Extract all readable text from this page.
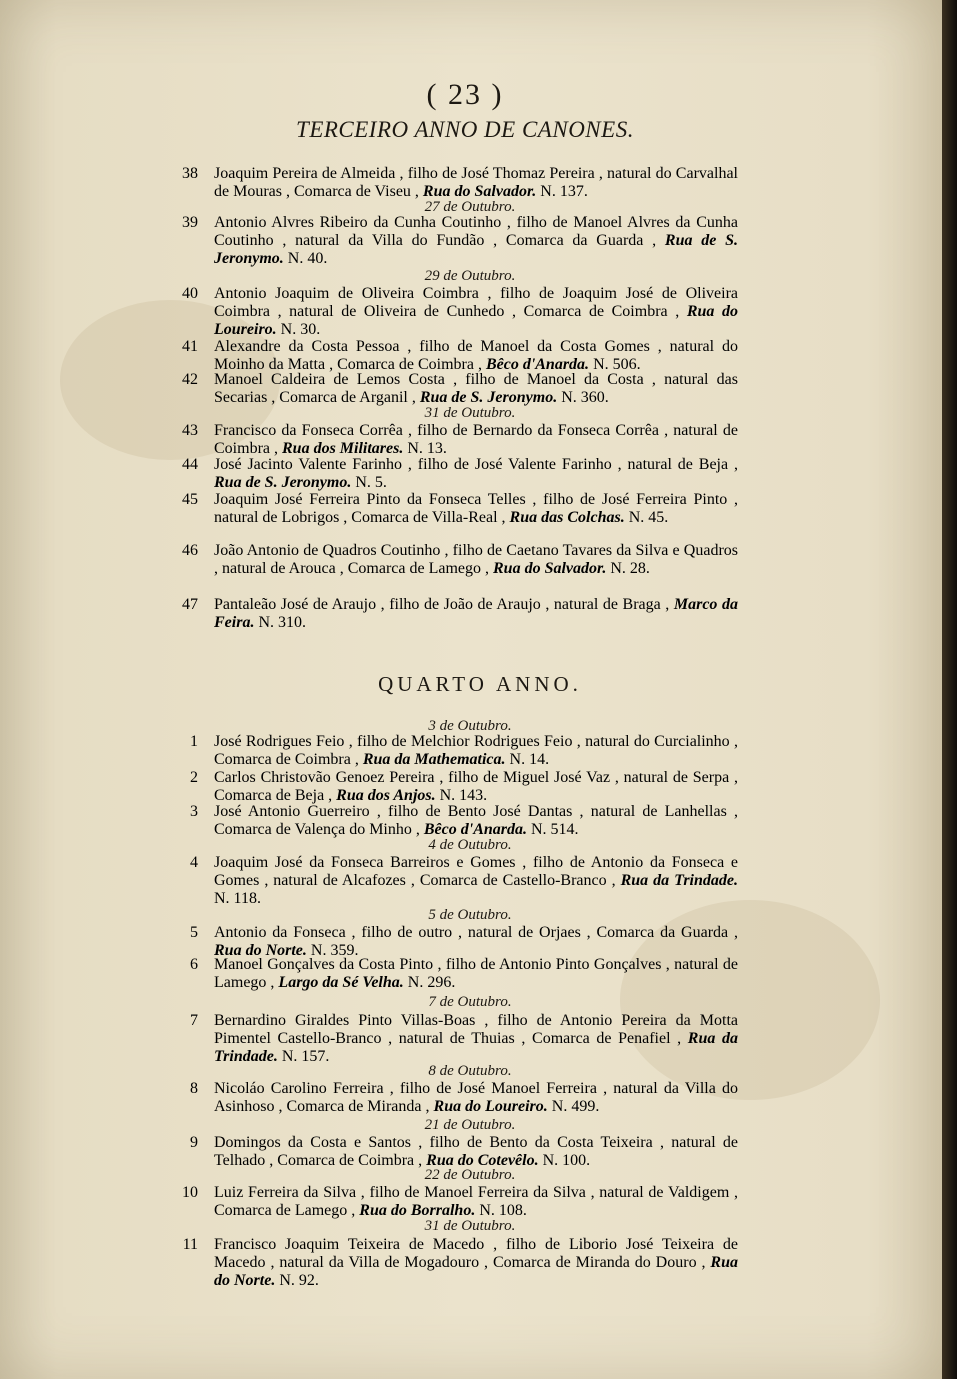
( 23 )
TERCEIRO ANNO DE CANONES.
38 Joaquim Pereira de Almeida , filho de José Thomaz Pereira , natural do Carvalhal de Mouras , Comarca de Viseu , Rua do Salvador. N. 137.
27 de Outubro.
39 Antonio Alvres Ribeiro da Cunha Coutinho , filho de Manoel Alvres da Cunha Coutinho , natural da Villa do Fundão , Comarca da Guarda , Rua de S. Jeronymo. N. 40.
29 de Outubro.
40 Antonio Joaquim de Oliveira Coimbra , filho de Joaquim José de Oliveira Coimbra , natural de Oliveira de Cunhedo , Comarca de Coimbra , Rua do Loureiro. N. 30.
41 Alexandre da Costa Pessoa , filho de Manoel da Costa Gomes , natural do Moinho da Matta , Comarca de Coimbra , Bêco d'Anarda. N. 506.
42 Manoel Caldeira de Lemos Costa , filho de Manoel da Costa , natural das Secarias , Comarca de Arganil , Rua de S. Jeronymo. N. 360.
31 de Outubro.
43 Francisco da Fonseca Corrêa , filho de Bernardo da Fonseca Corrêa , natural de Coimbra , Rua dos Militares. N. 13.
44 José Jacinto Valente Farinho , filho de José Valente Farinho , natural de Beja , Rua de S. Jeronymo. N. 5.
45 Joaquim José Ferreira Pinto da Fonseca Telles , filho de José Ferreira Pinto , natural de Lobrigos , Comarca de Villa-Real , Rua das Colchas. N. 45.
46 João Antonio de Quadros Coutinho , filho de Caetano Tavares da Silva e Quadros , natural de Arouca , Comarca de Lamego , Rua do Salvador. N. 28.
47 Pantaleão José de Araujo , filho de João de Araujo , natural de Braga , Marco da Feira. N. 310.
QUARTO ANNO.
3 de Outubro.
1 José Rodrigues Feio , filho de Melchior Rodrigues Feio , natural do Curcialinho , Comarca de Coimbra , Rua da Mathematica. N. 14.
2 Carlos Christovão Genoez Pereira , filho de Miguel José Vaz , natural de Serpa , Comarca de Beja , Rua dos Anjos. N. 143.
3 José Antonio Guerreiro , filho de Bento José Dantas , natural de Lanhellas , Comarca de Valença do Minho , Bêco d'Anarda. N. 514.
4 de Outubro.
4 Joaquim José da Fonseca Barreiros e Gomes , filho de Antonio da Fonseca e Gomes , natural de Alcafozes , Comarca de Castello-Branco , Rua da Trindade. N. 118.
5 de Outubro.
5 Antonio da Fonseca , filho de outro , natural de Orjaes , Comarca da Guarda , Rua do Norte. N. 359.
6 Manoel Gonçalves da Costa Pinto , filho de Antonio Pinto Gonçalves , natural de Lamego , Largo da Sé Velha. N. 296.
7 de Outubro.
7 Bernardino Giraldes Pinto Villas-Boas , filho de Antonio Pereira da Motta Pimentel Castello-Branco , natural de Thuias , Comarca de Penafiel , Rua da Trindade. N. 157.
8 de Outubro.
8 Nicoláo Carolino Ferreira , filho de José Manoel Ferreira , natural da Villa do Asinhoso , Comarca de Miranda , Rua do Loureiro. N. 499.
21 de Outubro.
9 Domingos da Costa e Santos , filho de Bento da Costa Teixeira , natural de Telhado , Comarca de Coimbra , Rua do Cotevêlo. N. 100.
22 de Outubro.
10 Luiz Ferreira da Silva , filho de Manoel Ferreira da Silva , natural de Valdigem , Comarca de Lamego , Rua do Borralho. N. 108.
31 de Outubro.
11 Francisco Joaquim Teixeira de Macedo , filho de Liborio José Teixeira de Macedo , natural da Villa de Mogadouro , Comarca de Miranda do Douro , Rua do Norte. N. 92.
